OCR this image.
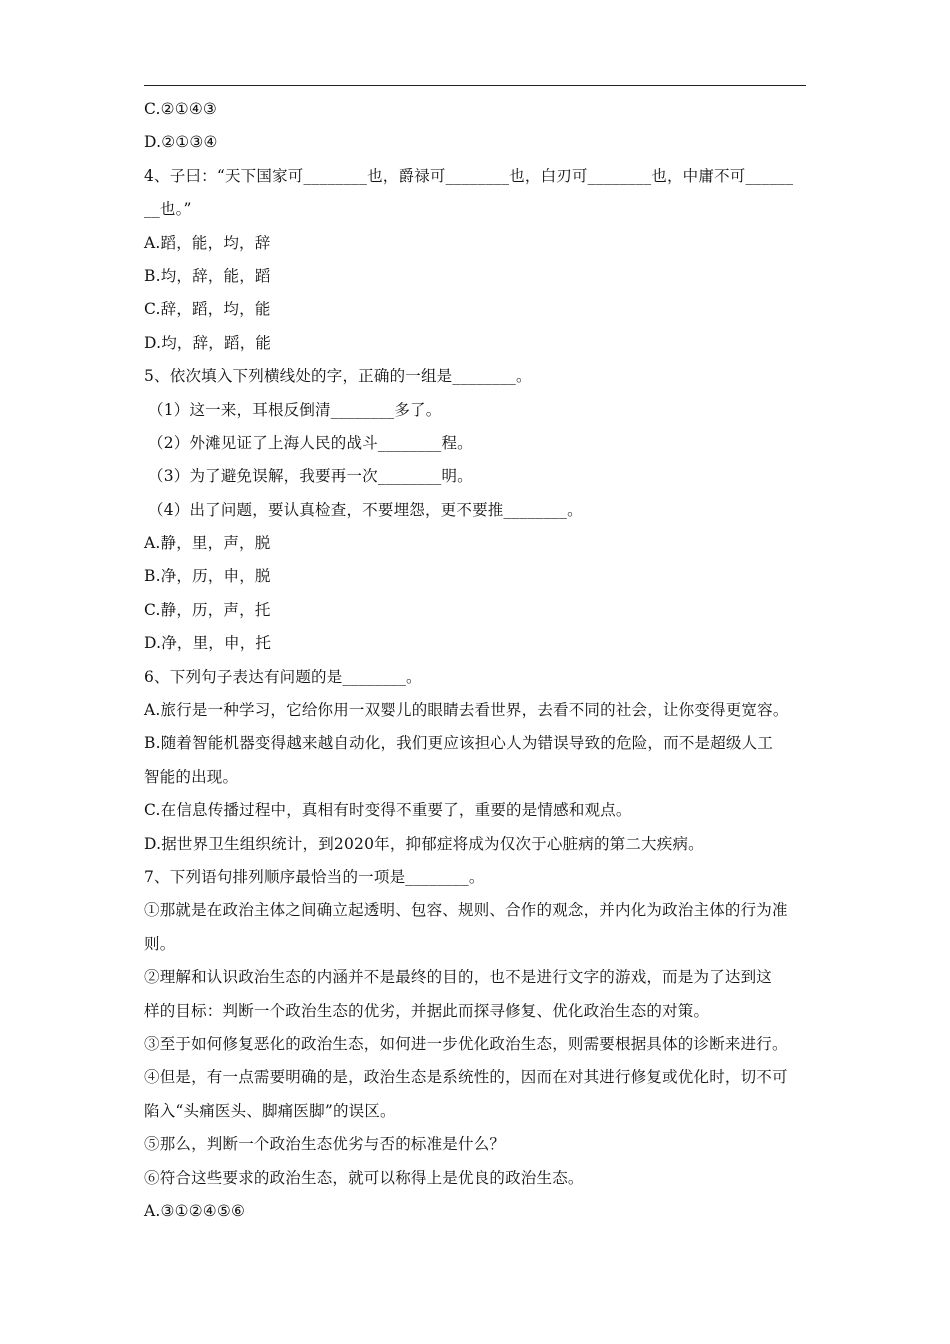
C.②①④③
D.②①③④
4、子曰：“天下国家可________也，爵禄可________也，白刃可________也，中庸不可______
__也。”
A.蹈，能，均，辞
B.均，辞，能，蹈
C.辞，蹈，均，能
D.均，辞，蹈，能
5、依次填入下列横线处的字，正确的一组是________。
（1）这一来，耳根反倒清________多了。
（2）外滩见证了上海人民的战斗________程。
（3）为了避免误解，我要再一次________明。
（4）出了问题，要认真检查，不要埋怨，更不要推________。
A.静，里，声，脱
B.净，历，申，脱
C.静，历，声，托
D.净，里，申，托
6、下列句子表达有问题的是________。
A.旅行是一种学习，它给你用一双婴儿的眼睛去看世界，去看不同的社会，让你变得更宽容。
B.随着智能机器变得越来越自动化，我们更应该担心人为错误导致的危险，而不是超级人工
智能的出现。
C.在信息传播过程中，真相有时变得不重要了，重要的是情感和观点。
D.据世界卫生组织统计，到2020年，抑郁症将成为仅次于心脏病的第二大疾病。
7、下列语句排列顺序最恰当的一项是________。
①那就是在政治主体之间确立起透明、包容、规则、合作的观念，并内化为政治主体的行为准
则。
②理解和认识政治生态的内涵并不是最终的目的，也不是进行文字的游戏，而是为了达到这
样的目标：判断一个政治生态的优劣，并据此而探寻修复、优化政治生态的对策。
③至于如何修复恶化的政治生态，如何进一步优化政治生态，则需要根据具体的诊断来进行。
④但是，有一点需要明确的是，政治生态是系统性的，因而在对其进行修复或优化时，切不可
陷入“头痛医头、脚痛医脚”的误区。
⑤那么，判断一个政治生态优劣与否的标准是什么？
⑥符合这些要求的政治生态，就可以称得上是优良的政治生态。
A.③①②④⑤⑥
